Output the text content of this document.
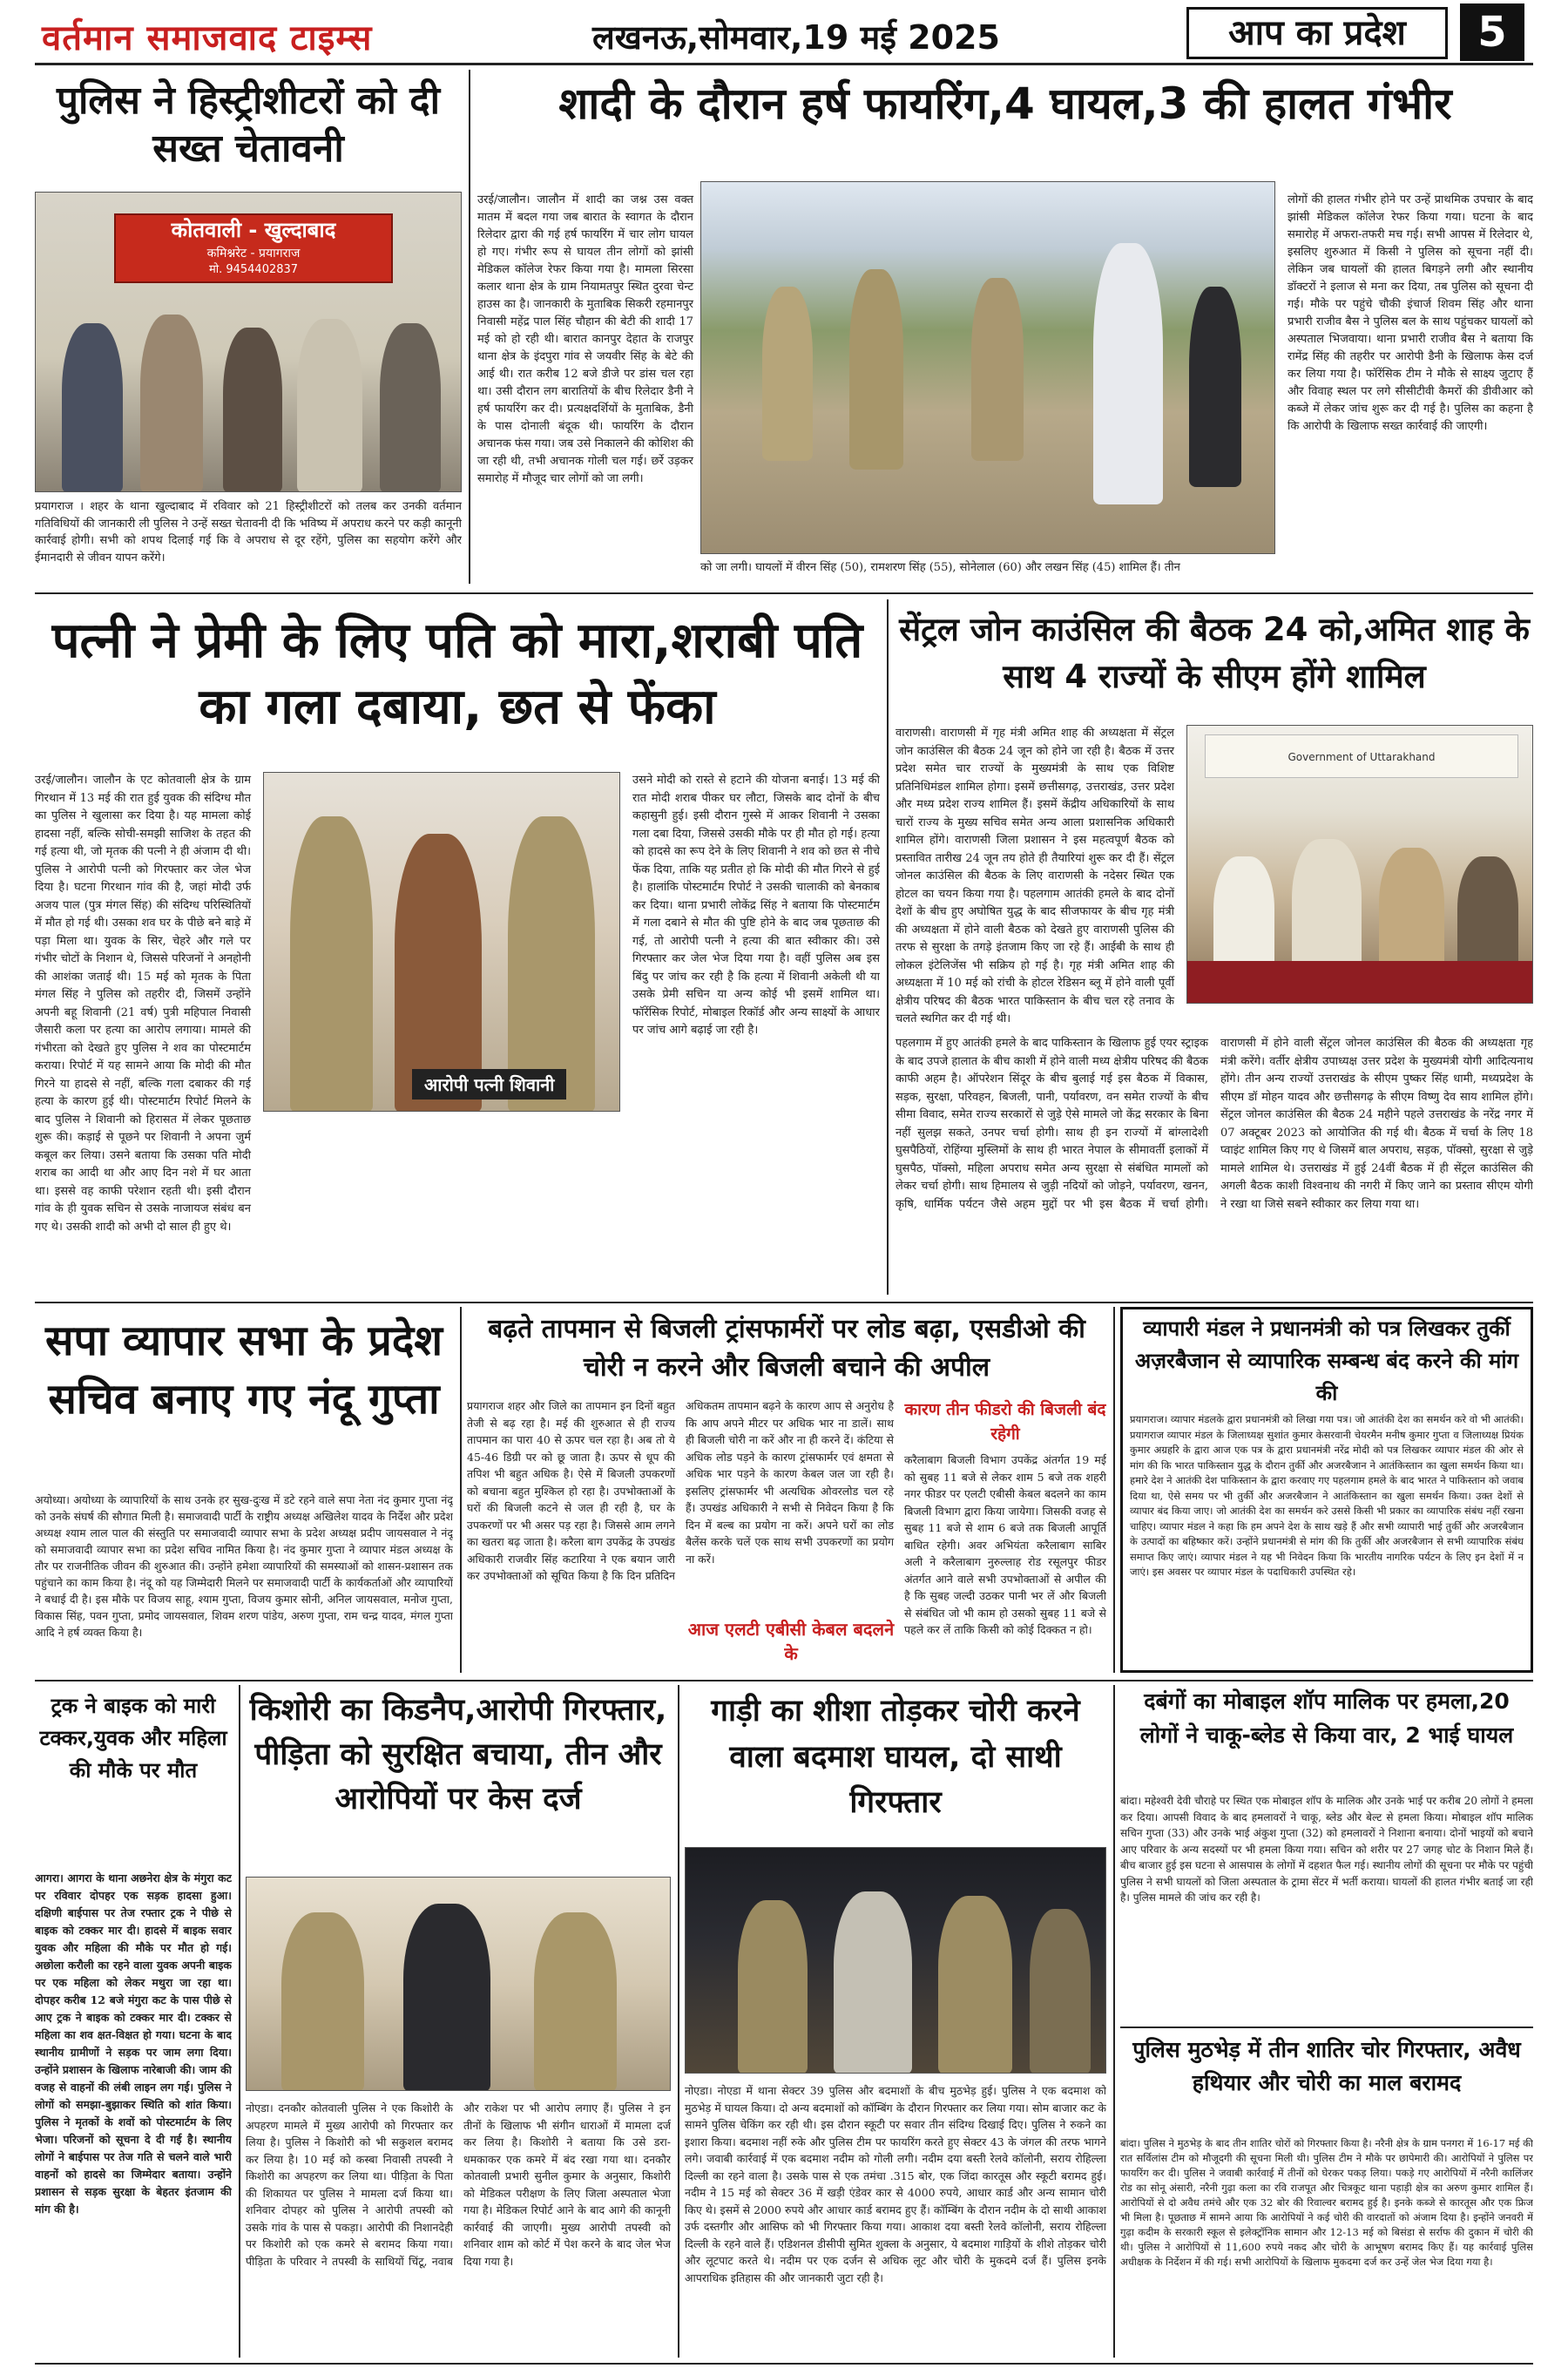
वर्तमान समाजवाद टाइम्स	लखनऊ,सोमवार,19 मई 2025	आप का प्रदेश	5
पुलिस ने हिस्ट्रीशीटरों को दी सख्त चेतावनी
कोतवाली - खुल्दाबाद
कमिश्नरेट - प्रयागराज
मो. 9454402837
प्रयागराज । शहर के थाना खुल्दाबाद में रविवार को 21 हिस्ट्रीशीटरों को तलब कर उनकी वर्तमान गतिविधियों की जानकारी ली पुलिस ने उन्हें सख्त चेतावनी दी कि भविष्य में अपराध करने पर कड़ी कानूनी कार्रवाई होगी। सभी को शपथ दिलाई गई कि वे अपराध से दूर रहेंगे, पुलिस का सहयोग करेंगे और ईमानदारी से जीवन यापन करेंगे।
शादी के दौरान हर्ष फायरिंग,4 घायल,3 की हालत गंभीर
उरई/जालौन। जालौन में शादी का जश्न उस वक्त मातम में बदल गया जब बारात के स्वागत के दौरान रिलेदार द्वारा की गई हर्ष फायरिंग में चार लोग घायल हो गए। गंभीर रूप से घायल तीन लोगों को झांसी मेडिकल कॉलेज रेफर किया गया है। मामला सिरसा कलार थाना क्षेत्र के ग्राम नियामतपुर स्थित दुरवा चेन्ट हाउस का है। जानकारी के मुताबिक सिकरी रहमानपुर निवासी महेंद्र पाल सिंह चौहान की बेटी की शादी 17 मई को हो रही थी। बारात कानपुर देहात के राजपुर थाना क्षेत्र के इंदपुरा गांव से जयवीर सिंह के बेटे की आई थी। रात करीब 12 बजे डीजे पर डांस चल रहा था। उसी दौरान लग बारातियों के बीच रिलेदार डैनी ने हर्ष फायरिंग कर दी। प्रत्यक्षदर्शियों के मुताबिक, डैनी के पास दोनाली बंदूक थी। फायरिंग के दौरान अचानक फंस गया। जब उसे निकालने की कोशिश की जा रही थी, तभी अचानक गोली चल गई। छर्रे उड़कर समारोह में मौजूद चार लोगों को जा लगी।
को जा लगी। घायलों में वीरन सिंह (50), रामशरण सिंह (55), सोनेलाल (60) और लखन सिंह (45) शामिल हैं। तीन
लोगों की हालत गंभीर होने पर उन्हें प्राथमिक उपचार के बाद झांसी मेडिकल कॉलेज रेफर किया गया। घटना के बाद समारोह में अफरा-तफरी मच गई। सभी आपस में रिलेदार थे, इसलिए शुरुआत में किसी ने पुलिस को सूचना नहीं दी। लेकिन जब घायलों की हालत बिगड़ने लगी और स्थानीय डॉक्टरों ने इलाज से मना कर दिया, तब पुलिस को सूचना दी गई। मौके पर पहुंचे चौकी इंचार्ज शिवम सिंह और थाना प्रभारी राजीव बैस ने पुलिस बल के साथ पहुंचकर घायलों को अस्पताल भिजवाया। थाना प्रभारी राजीव बैस ने बताया कि रामेंद्र सिंह की तहरीर पर आरोपी डैनी के खिलाफ केस दर्ज कर लिया गया है। फॉरेंसिक टीम ने मौके से साक्ष्य जुटाए हैं और विवाह स्थल पर लगे सीसीटीवी कैमरों की डीवीआर को कब्जे में लेकर जांच शुरू कर दी गई है। पुलिस का कहना है कि आरोपी के खिलाफ सख्त कार्रवाई की जाएगी।
पत्नी ने प्रेमी के लिए पति को मारा,शराबी पति का गला दबाया, छत से फेंका
उरई/जालौन। जालौन के एट कोतवाली क्षेत्र के ग्राम गिरथान में 13 मई की रात हुई युवक की संदिग्ध मौत का पुलिस ने खुलासा कर दिया है। यह मामला कोई हादसा नहीं, बल्कि सोची-समझी साजिश के तहत की गई हत्या थी, जो मृतक की पत्नी ने ही अंजाम दी थी। पुलिस ने आरोपी पत्नी को गिरफ्तार कर जेल भेज दिया है। घटना गिरथान गांव की है, जहां मोदी उर्फ अजय पाल (पुत्र मंगल सिंह) की संदिग्ध परिस्थितियों में मौत हो गई थी। उसका शव घर के पीछे बने बाड़े में पड़ा मिला था। युवक के सिर, चेहरे और गले पर गंभीर चोटों के निशान थे, जिससे परिजनों ने अनहोनी की आशंका जताई थी। 15 मई को मृतक के पिता मंगल सिंह ने पुलिस को तहरीर दी, जिसमें उन्होंने अपनी बहू शिवानी (21 वर्ष) पुत्री महिपाल निवासी जैसारी कला पर हत्या का आरोप लगाया। मामले की गंभीरता को देखते हुए पुलिस ने शव का पोस्टमार्टम कराया। रिपोर्ट में यह सामने आया कि मोदी की मौत गिरने या हादसे से नहीं, बल्कि गला दबाकर की गई हत्या के कारण हुई थी। पोस्टमार्टम रिपोर्ट मिलने के बाद पुलिस ने शिवानी को हिरासत में लेकर पूछताछ शुरू की। कड़ाई से पूछने पर शिवानी ने अपना जुर्म कबूल कर लिया। उसने बताया कि उसका पति मोदी शराब का आदी था और आए दिन नशे में घर आता था। इससे वह काफी परेशान रहती थी। इसी दौरान गांव के ही युवक सचिन से उसके नाजायज संबंध बन गए थे। उसकी शादी को अभी दो साल ही हुए थे।
आरोपी पत्नी शिवानी
उसने मोदी को रास्ते से हटाने की योजना बनाई। 13 मई की रात मोदी शराब पीकर घर लौटा, जिसके बाद दोनों के बीच कहासुनी हुई। इसी दौरान गुस्से में आकर शिवानी ने उसका गला दबा दिया, जिससे उसकी मौके पर ही मौत हो गई। हत्या को हादसे का रूप देने के लिए शिवानी ने शव को छत से नीचे फेंक दिया, ताकि यह प्रतीत हो कि मोदी की मौत गिरने से हुई है। हालांकि पोस्टमार्टम रिपोर्ट ने उसकी चालाकी को बेनकाब कर दिया। थाना प्रभारी लोकेंद्र सिंह ने बताया कि पोस्टमार्टम में गला दबाने से मौत की पुष्टि होने के बाद जब पूछताछ की गई, तो आरोपी पत्नी ने हत्या की बात स्वीकार की। उसे गिरफ्तार कर जेल भेज दिया गया है। वहीं पुलिस अब इस बिंदु पर जांच कर रही है कि हत्या में शिवानी अकेली थी या उसके प्रेमी सचिन या अन्य कोई भी इसमें शामिल था। फॉरेंसिक रिपोर्ट, मोबाइल रिकॉर्ड और अन्य साक्ष्यों के आधार पर जांच आगे बढ़ाई जा रही है।
सेंट्रल जोन काउंसिल की बैठक 24 को,अमित शाह के साथ 4 राज्यों के सीएम होंगे शामिल
वाराणसी। वाराणसी में गृह मंत्री अमित शाह की अध्यक्षता में सेंट्रल जोन काउंसिल की बैठक 24 जून को होने जा रही है। बैठक में उत्तर प्रदेश समेत चार राज्यों के मुख्यमंत्री के साथ एक विशिष्ट प्रतिनिधिमंडल शामिल होगा। इसमें छत्तीसगढ़, उत्तराखंड, उत्तर प्रदेश और मध्य प्रदेश राज्य शामिल हैं। इसमें केंद्रीय अधिकारियों के साथ चारों राज्य के मुख्य सचिव समेत अन्य आला प्रशासनिक अधिकारी शामिल होंगे। वाराणसी जिला प्रशासन ने इस महत्वपूर्ण बैठक को प्रस्तावित तारीख 24 जून तय होते ही तैयारियां शुरू कर दी हैं। सेंट्रल जोनल काउंसिल की बैठक के लिए वाराणसी के नदेसर स्थित एक होटल का चयन किया गया है। पहलगाम आतंकी हमले के बाद दोनों देशों के बीच हुए अघोषित युद्ध के बाद सीजफायर के बीच गृह मंत्री की अध्यक्षता में होने वाली बैठक को देखते हुए वाराणसी पुलिस की तरफ से सुरक्षा के तगड़े इंतजाम किए जा रहे हैं। आईबी के साथ ही लोकल इंटेलिजेंस भी सक्रिय हो गई है। गृह मंत्री अमित शाह की अध्यक्षता में 10 मई को रांची के होटल रेडिसन ब्लू में होने वाली पूर्वी क्षेत्रीय परिषद की बैठक भारत पाकिस्तान के बीच चल रहे तनाव के चलते स्थगित कर दी गई थी।
Government of Uttarakhand
पहलगाम में हुए आतंकी हमले के बाद पाकिस्तान के खिलाफ हुई एयर स्ट्राइक के बाद उपजे हालात के बीच काशी में होने वाली मध्य क्षेत्रीय परिषद की बैठक काफी अहम है। ऑपरेशन सिंदूर के बीच बुलाई गई इस बैठक में विकास, सड़क, सुरक्षा, परिवहन, बिजली, पानी, पर्यावरण, वन समेत राज्यों के बीच सीमा विवाद, समेत राज्य सरकारों से जुड़े ऐसे मामले जो केंद्र सरकार के बिना नहीं सुलझ सकते, उनपर चर्चा होगी। साथ ही इन राज्यों में बांग्लादेशी घुसपैठियों, रोहिंग्या मुस्लिमों के साथ ही भारत नेपाल के सीमावर्ती इलाकों में घुसपैठ, पॉक्सो, महिला अपराध समेत अन्य सुरक्षा से संबंधित मामलों को लेकर चर्चा होगी। साथ हिमालय से जुड़ी नदियों को जोड़ने, पर्यावरण, खनन, कृषि, धार्मिक पर्यटन जैसे अहम मुद्दों पर भी इस बैठक में चर्चा होगी। वाराणसी में होने वाली सेंट्रल जोनल काउंसिल की बैठक की अध्यक्षता गृह मंत्री करेंगे। वर्तीर क्षेत्रीय उपाध्यक्ष उत्तर प्रदेश के मुख्यमंत्री योगी आदित्यनाथ होंगे। तीन अन्य राज्यों उत्तराखंड के सीएम पुष्कर सिंह धामी, मध्यप्रदेश के सीएम डॉ मोहन यादव और छत्तीसगढ़ के सीएम विष्णु देव साय शामिल होंगे। सेंट्रल जोनल काउंसिल की बैठक 24 महीने पहले उत्तराखंड के नरेंद्र नगर में 07 अक्टूबर 2023 को आयोजित की गई थी। बैठक में चर्चा के लिए 18 प्वाइंट शामिल किए गए थे जिसमें बाल अपराध, सड़क, पॉक्सो, सुरक्षा से जुड़े मामले शामिल थे। उत्तराखंड में हुई 24वीं बैठक में ही सेंट्रल काउंसिल की अगली बैठक काशी विश्वनाथ की नगरी में किए जाने का प्रस्ताव सीएम योगी ने रखा था जिसे सबने स्वीकार कर लिया गया था।
सपा व्यापार सभा के प्रदेश सचिव बनाए गए नंदू गुप्ता
अयोध्या। अयोध्या के व्यापारियों के साथ उनके हर सुख-दुःख में डटे रहने वाले सपा नेता नंद कुमार गुप्ता नंदू को उनके संघर्ष की सौगात मिली है। समाजवादी पार्टी के राष्ट्रीय अध्यक्ष अखिलेश यादव के निर्देश और प्रदेश अध्यक्ष श्याम लाल पाल की संस्तुति पर समाजवादी व्यापार सभा के प्रदेश अध्यक्ष प्रदीप जायसवाल ने नंदू को समाजवादी व्यापार सभा का प्रदेश सचिव नामित किया है। नंद कुमार गुप्ता ने व्यापार मंडल अध्यक्ष के तौर पर राजनीतिक जीवन की शुरुआत की। उन्होंने हमेशा व्यापारियों की समस्याओं को शासन-प्रशासन तक पहुंचाने का काम किया है। नंदू को यह जिम्मेदारी मिलने पर समाजवादी पार्टी के कार्यकर्ताओं और व्यापारियों ने बधाई दी है। इस मौके पर विजय साहू, श्याम गुप्ता, विजय कुमार सोनी, अनिल जायसवाल, मनोज गुप्ता, विकास सिंह, पवन गुप्ता, प्रमोद जायसवाल, शिवम शरण पांडेय, अरुण गुप्ता, राम चन्द्र यादव, मंगल गुप्ता आदि ने हर्ष व्यक्त किया है।
बढ़ते तापमान से बिजली ट्रांसफार्मरों पर लोड बढ़ा, एसडीओ की चोरी न करने और बिजली बचाने की अपील
प्रयागराज शहर और जिले का तापमान इन दिनों बहुत तेजी से बढ़ रहा है। मई की शुरुआत से ही राज्य तापमान का पारा 40 से ऊपर चल रहा है। अब तो ये 45-46 डिग्री पर को छू जाता है। ऊपर से धूप की तपिश भी बहुत अधिक है। ऐसे में बिजली उपकरणों को बचाना बहुत मुश्किल हो रहा है। उपभोक्ताओं के घरों की बिजली कटने से जल ही रही है, घर के उपकरणों पर भी असर पड़ रहा है। जिससे आम लगने का खतरा बढ़ जाता है। करैला बाग उपकेंद्र के उपखंड अधिकारी राजवीर सिंह कटारिया ने एक बयान जारी कर उपभोक्ताओं को सूचित किया है कि दिन प्रतिदिन अधिकतम तापमान बढ़ने के कारण आप से अनुरोध है कि आप अपने मीटर पर अधिक भार ना डालें। साथ ही बिजली चोरी ना करें और ना ही करने दें। कंटिया से अधिक लोड पड़ने के कारण ट्रांसफार्मर एवं क्षमता से अधिक भार पड़ने के कारण केबल जल जा रही है। इसलिए ट्रांसफार्मर भी अत्यधिक ओवरलोड चल रहे हैं। उपखंड अधिकारी ने सभी से निवेदन किया है कि दिन में बल्ब का प्रयोग ना करें। अपने घरों का लोड बैलेंस करके चलें एक साथ सभी उपकरणों का प्रयोग ना करें।
कारण तीन फीडरो की बिजली बंद रहेगी
करैलाबाग बिजली विभाग उपकेंद्र अंतर्गत 19 मई को सुबह 11 बजे से लेकर शाम 5 बजे तक शहरी नगर फीडर पर एलटी एबीसी केबल बदलने का काम बिजली विभाग द्वारा किया जायेगा। जिसकी वजह से सुबह 11 बजे से शाम 6 बजे तक बिजली आपूर्ति बाधित रहेगी। अवर अभियंता करैलाबाग साबिर अली ने करैलाबाग नुरुल्लाह रोड रसूलपुर फीडर अंतर्गत आने वाले सभी उपभोक्ताओं से अपील की है कि सुबह जल्दी उठकर पानी भर लें और बिजली से संबंधित जो भी काम हो उसको सुबह 11 बजे से पहले कर लें ताकि किसी को कोई दिक्कत न हो।
आज एलटी एबीसी केबल बदलने के
व्यापारी मंडल ने प्रधानमंत्री को पत्र लिखकर तुर्की अज़रबैजान से व्यापारिक सम्बन्ध बंद करने की मांग की
प्रयागराज। व्यापार मंडलके द्वारा प्रधानमंत्री को लिखा गया पत्र। जो आतंकी देश का समर्थन करे वो भी आतंकी। प्रयागराज व्यापार मंडल के जिलाध्यक्ष सुशांत कुमार केसरवानी चेयरमैन मनीष कुमार गुप्ता व जिलाध्यक्ष प्रियंक कुमार अग्रहरि के द्वारा आज एक पत्र के द्वारा प्रधानमंत्री नरेंद्र मोदी को पत्र लिखकर व्यापार मंडल की ओर से मांग की कि भारत पाकिस्तान युद्ध के दौरान तुर्की और अजरबैजान ने आतंकिस्तान का खुला समर्थन किया था। हमारे देश ने आतंकी देश पाकिस्तान के द्वारा करवाए गए पहलगाम हमले के बाद भारत ने पाकिस्तान को जवाब दिया था, ऐसे समय पर भी तुर्की और अजरबैजान ने आतंकिस्तान का खुला समर्थन किया। उक्त देशों से व्यापार बंद किया जाए। जो आतंकी देश का समर्थन करे उससे किसी भी प्रकार का व्यापारिक संबंध नहीं रखना चाहिए। व्यापार मंडल ने कहा कि हम अपने देश के साथ खड़े हैं और सभी व्यापारी भाई तुर्की और अजरबैजान के उत्पादों का बहिष्कार करें। उन्होंने प्रधानमंत्री से मांग की कि तुर्की और अजरबैजान से सभी व्यापारिक संबंध समाप्त किए जाएं। व्यापार मंडल ने यह भी निवेदन किया कि भारतीय नागरिक पर्यटन के लिए इन देशों में न जाएं। इस अवसर पर व्यापार मंडल के पदाधिकारी उपस्थित रहे।
ट्रक ने बाइक को मारी टक्कर,युवक और महिला की मौके पर मौत
आगरा। आगरा के थाना अछनेरा क्षेत्र के मंगुरा कट पर रविवार दोपहर एक सड़क हादसा हुआ। दक्षिणी बाईपास पर तेज रफ्तार ट्रक ने पीछे से बाइक को टक्कर मार दी। हादसे में बाइक सवार युवक और महिला की मौके पर मौत हो गई। अछोला करौली का रहने वाला युवक अपनी बाइक पर एक महिला को लेकर मथुरा जा रहा था। दोपहर करीब 12 बजे मंगुरा कट के पास पीछे से आए ट्रक ने बाइक को टक्कर मार दी। टक्कर से महिला का शव क्षत-विक्षत हो गया। घटना के बाद स्थानीय ग्रामीणों ने सड़क पर जाम लगा दिया। उन्होंने प्रशासन के खिलाफ नारेबाजी की। जाम की वजह से वाहनों की लंबी लाइन लग गई। पुलिस ने लोगों को समझा-बुझाकर स्थिति को शांत किया। पुलिस ने मृतकों के शवों को पोस्टमार्टम के लिए भेजा। परिजनों को सूचना दे दी गई है। स्थानीय लोगों ने बाईपास पर तेज गति से चलने वाले भारी वाहनों को हादसे का जिम्मेदार बताया। उन्होंने प्रशासन से सड़क सुरक्षा के बेहतर इंतजाम की मांग की है।
किशोरी का किडनैप,आरोपी गिरफ्तार, पीड़िता को सुरक्षित बचाया, तीन और आरोपियों पर केस दर्ज
नोएडा। दनकौर कोतवाली पुलिस ने एक किशोरी के अपहरण मामले में मुख्य आरोपी को गिरफ्तार कर लिया है। पुलिस ने किशोरी को भी सकुशल बरामद कर लिया है। 10 मई को कस्बा निवासी तपस्वी ने किशोरी का अपहरण कर लिया था। पीड़िता के पिता की शिकायत पर पुलिस ने मामला दर्ज किया था। शनिवार दोपहर को पुलिस ने आरोपी तपस्वी को उसके गांव के पास से पकड़ा। आरोपी की निशानदेही पर किशोरी को एक कमरे से बरामद किया गया। पीड़िता के परिवार ने तपस्वी के साथियों चिंटू, नवाब और राकेश पर भी आरोप लगाए हैं। पुलिस ने इन तीनों के खिलाफ भी संगीन धाराओं में मामला दर्ज कर लिया है। किशोरी ने बताया कि उसे डरा-धमकाकर एक कमरे में बंद रखा गया था। दनकौर कोतवाली प्रभारी सुनील कुमार के अनुसार, किशोरी को मेडिकल परीक्षण के लिए जिला अस्पताल भेजा गया है। मेडिकल रिपोर्ट आने के बाद आगे की कानूनी कार्रवाई की जाएगी। मुख्य आरोपी तपस्वी को शनिवार शाम को कोर्ट में पेश करने के बाद जेल भेज दिया गया है।
गाड़ी का शीशा तोड़कर चोरी करने वाला बदमाश घायल, दो साथी गिरफ्तार
नोएडा। नोएडा में थाना सेक्टर 39 पुलिस और बदमाशों के बीच मुठभेड़ हुई। पुलिस ने एक बदमाश को मुठभेड़ में घायल किया। दो अन्य बदमाशों को कॉम्बिंग के दौरान गिरफ्तार कर लिया गया। सोम बाजार कट के सामने पुलिस चेकिंग कर रही थी। इस दौरान स्कूटी पर सवार तीन संदिग्ध दिखाई दिए। पुलिस ने रुकने का इशारा किया। बदमाश नहीं रुके और पुलिस टीम पर फायरिंग करते हुए सेक्टर 43 के जंगल की तरफ भागने लगे। जवाबी कार्रवाई में एक बदमाश नदीम को गोली लगी। नदीम दया बस्ती रेलवे कॉलोनी, सराय रोहिल्ला दिल्ली का रहने वाला है। उसके पास से एक तमंचा .315 बोर, एक जिंदा कारतूस और स्कूटी बरामद हुई। नदीम ने 15 मई को सेक्टर 36 में खड़ी एंडेवर कार से 4000 रुपये, आधार कार्ड और अन्य सामान चोरी किए थे। इसमें से 2000 रुपये और आधार कार्ड बरामद हुए हैं। कॉम्बिंग के दौरान नदीम के दो साथी आकाश उर्फ दस्तगीर और आसिफ को भी गिरफ्तार किया गया। आकाश दया बस्ती रेलवे कॉलोनी, सराय रोहिल्ला दिल्ली के रहने वाले हैं। एडिशनल डीसीपी सुमित शुक्ला के अनुसार, ये बदमाश गाड़ियों के शीशे तोड़कर चोरी और लूटपाट करते थे। नदीम पर एक दर्जन से अधिक लूट और चोरी के मुकदमे दर्ज हैं। पुलिस इनके आपराधिक इतिहास की और जानकारी जुटा रही है।
दबंगों का मोबाइल शॉप मालिक पर हमला,20 लोगों ने चाकू-ब्लेड से किया वार, 2 भाई घायल
बांदा। महेश्वरी देवी चौराहे पर स्थित एक मोबाइल शॉप के मालिक और उनके भाई पर करीब 20 लोगों ने हमला कर दिया। आपसी विवाद के बाद हमलावरों ने चाकू, ब्लेड और बेल्ट से हमला किया। मोबाइल शॉप मालिक सचिन गुप्ता (33) और उनके भाई अंकुश गुप्ता (32) को हमलावरों ने निशाना बनाया। दोनों भाइयों को बचाने आए परिवार के अन्य सदस्यों पर भी हमला किया गया। सचिन को शरीर पर 27 जगह चोट के निशान मिले हैं। बीच बाजार हुई इस घटना से आसपास के लोगों में दहशत फैल गई। स्थानीय लोगों की सूचना पर मौके पर पहुंची पुलिस ने सभी घायलों को जिला अस्पताल के ट्रामा सेंटर में भर्ती कराया। घायलों की हालत गंभीर बताई जा रही है। पुलिस मामले की जांच कर रही है।
पुलिस मुठभेड़ में तीन शातिर चोर गिरफ्तार, अवैध हथियार और चोरी का माल बरामद
बांदा। पुलिस ने मुठभेड़ के बाद तीन शातिर चोरों को गिरफ्तार किया है। नरैनी क्षेत्र के ग्राम पनगरा में 16-17 मई की रात सर्विलांस टीम को मौजूदगी की सूचना मिली थी। पुलिस टीम ने मौके पर छापेमारी की। आरोपियों ने पुलिस पर फायरिंग कर दी। पुलिस ने जवाबी कार्रवाई में तीनों को घेरकर पकड़ लिया। पकड़े गए आरोपियों में नरैनी कालिंजर रोड का सोनू अंसारी, नरैनी गुढ़ा कला का रवि राजपूत और चित्रकूट थाना पहाड़ी क्षेत्र का अरुण कुमार शामिल हैं। आरोपियों से दो अवैध तमंचे और एक 32 बोर की रिवाल्वर बरामद हुई है। इनके कब्जे से कारतूस और एक फ्रिज भी मिला है। पूछताछ में सामने आया कि आरोपियों ने कई चोरी की वारदातों को अंजाम दिया है। इन्होंने जनवरी में गुढ़ा कदीम के सरकारी स्कूल से इलेक्ट्रॉनिक सामान और 12-13 मई को बिसंडा से सर्राफ की दुकान में चोरी की थी। पुलिस ने आरोपियों से 11,600 रुपये नकद और चोरी के आभूषण बरामद किए हैं। यह कार्रवाई पुलिस अधीक्षक के निर्देशन में की गई। सभी आरोपियों के खिलाफ मुकदमा दर्ज कर उन्हें जेल भेज दिया गया है।
